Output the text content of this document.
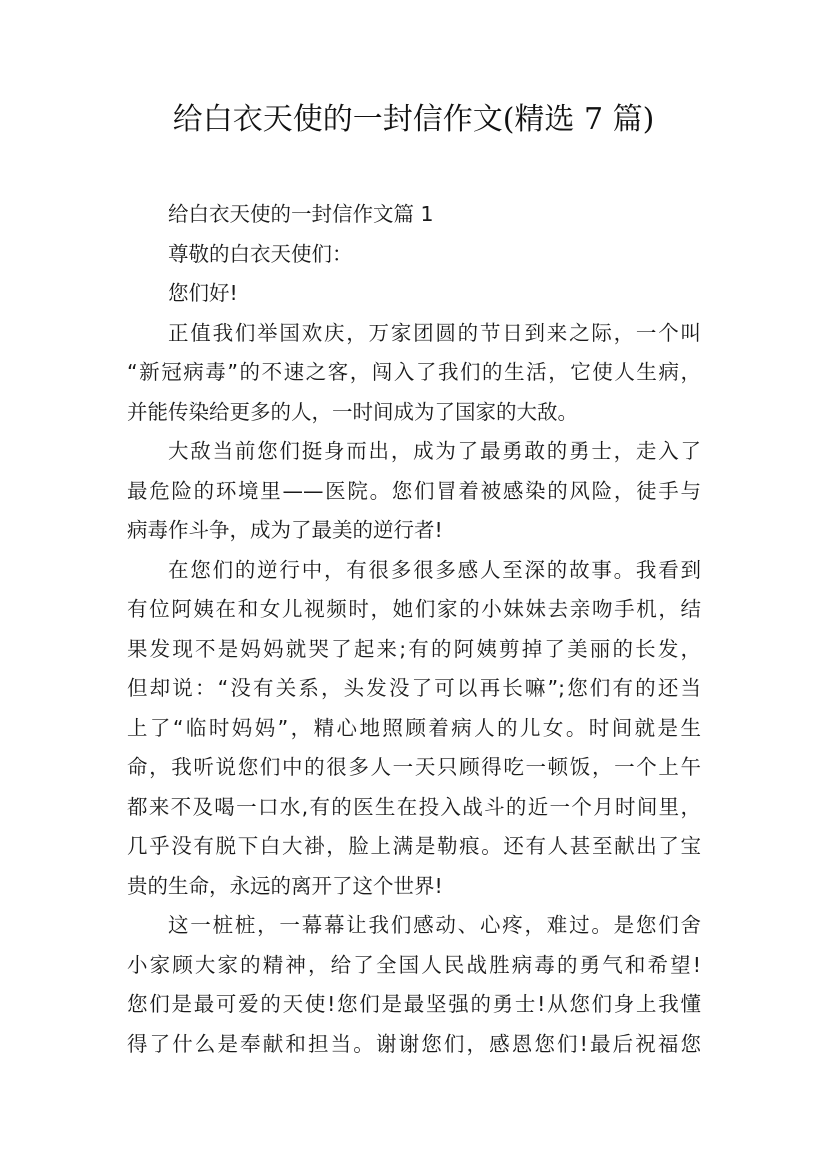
给白衣天使的一封信作文(精选 7 篇)
给白衣天使的一封信作文篇 1
尊敬的白衣天使们：
您们好!
正值我们举国欢庆，万家团圆的节日到来之际，一个叫
“新冠病毒”的不速之客，闯入了我们的生活，它使人生病，
并能传染给更多的人，一时间成为了国家的大敌。
大敌当前您们挺身而出，成为了最勇敢的勇士，走入了
最危险的环境里——医院。您们冒着被感染的风险，徒手与
病毒作斗争，成为了最美的逆行者!
在您们的逆行中，有很多很多感人至深的故事。我看到
有位阿姨在和女儿视频时，她们家的小妹妹去亲吻手机，结
果发现不是妈妈就哭了起来;有的阿姨剪掉了美丽的长发，
但却说：“没有关系，头发没了可以再长嘛”;您们有的还当
上了“临时妈妈”，精心地照顾着病人的儿女。时间就是生
命，我听说您们中的很多人一天只顾得吃一顿饭，一个上午
都来不及喝一口水,有的医生在投入战斗的近一个月时间里，
几乎没有脱下白大褂，脸上满是勒痕。还有人甚至献出了宝
贵的生命，永远的离开了这个世界!
这一桩桩，一幕幕让我们感动、心疼，难过。是您们舍
小家顾大家的精神，给了全国人民战胜病毒的勇气和希望!
您们是最可爱的天使!您们是最坚强的勇士!从您们身上我懂
得了什么是奉献和担当。谢谢您们，感恩您们!最后祝福您
